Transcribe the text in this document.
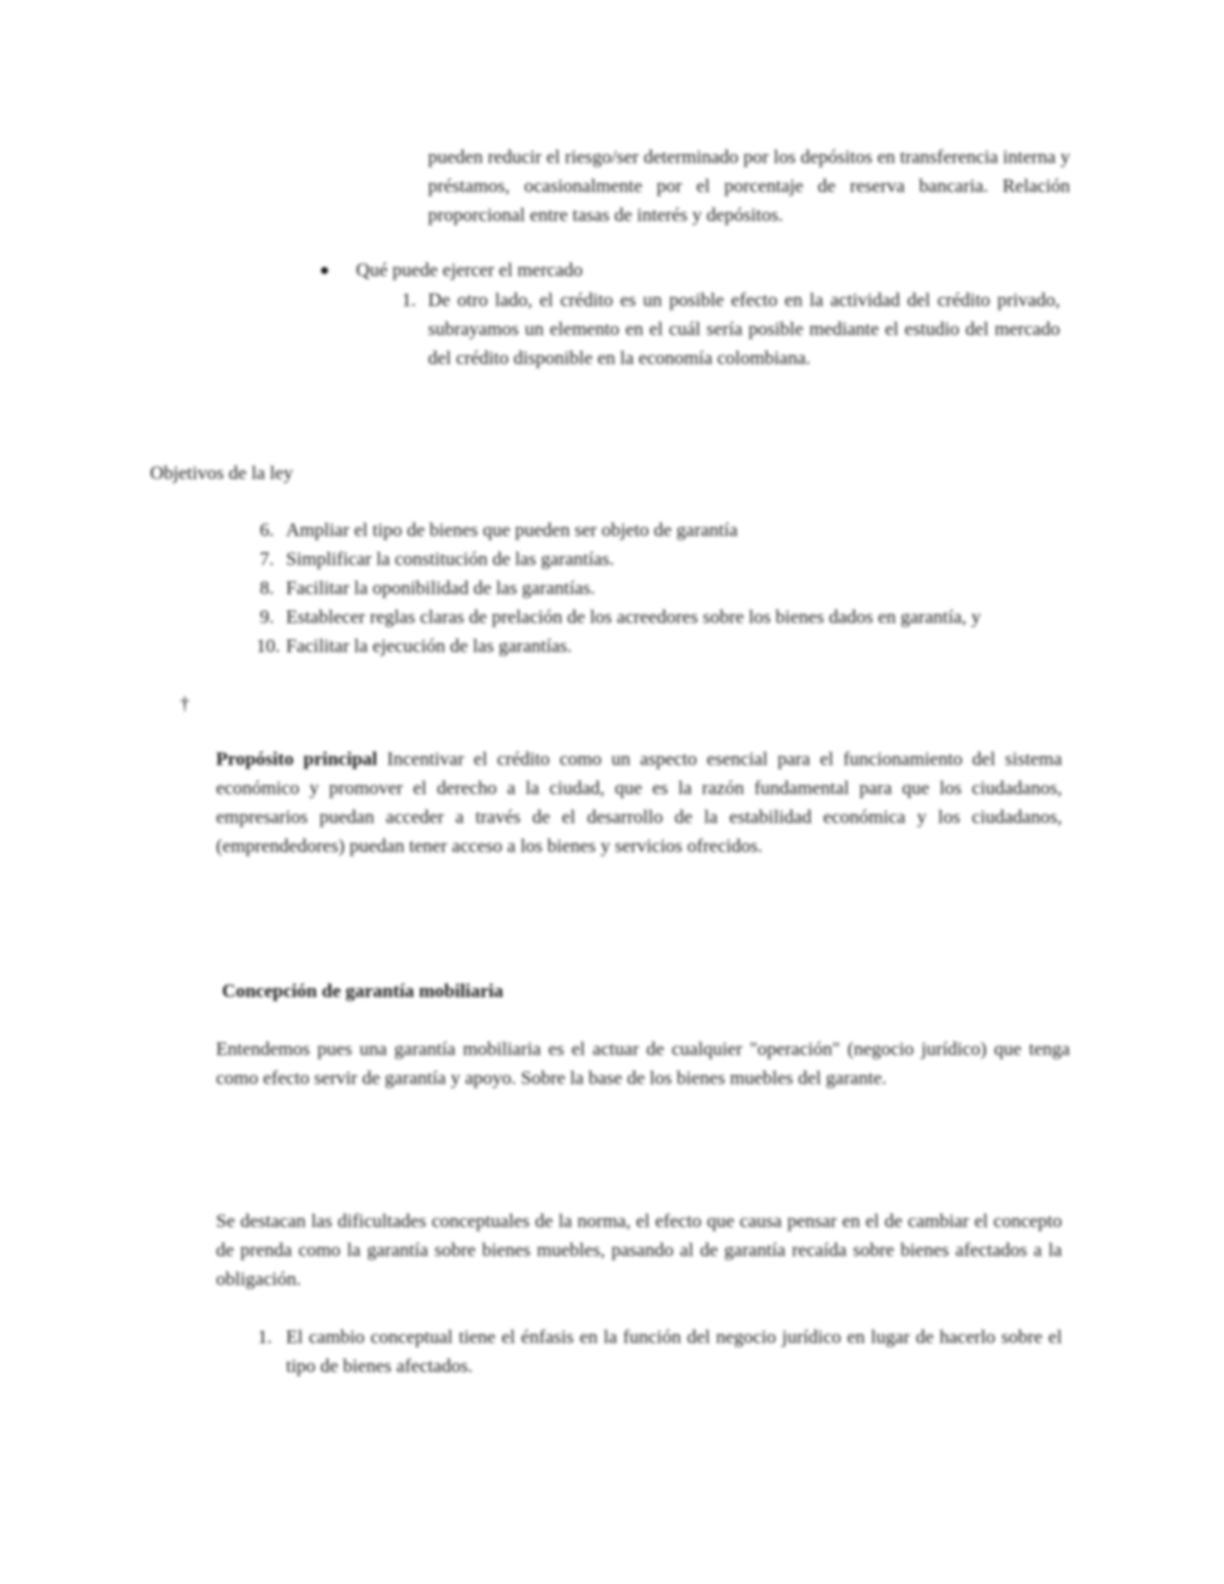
pueden reducir el riesgo/ser determinado por los depósitos en transferencia interna y préstamos, ocasionalmente por el porcentaje de reserva bancaria. Relación proporcional entre tasas de interés y depósitos.

Qué puede ejercer el mercado
1. De otro lado, el crédito es un posible efecto en la actividad del crédito privado, subrayamos un elemento en el cuál sería posible mediante el estudio del mercado del crédito disponible en la economía colombiana.

Objetivos de la ley
6. Ampliar el tipo de bienes que pueden ser objeto de garantía
7. Simplificar la constitución de las garantías.
8. Facilitar la oponibilidad de las garantías.
9. Establecer reglas claras de prelación de los acreedores sobre los bienes dados en garantía, y
10. Facilitar la ejecución de las garantías.
†

Propósito principal Incentivar el crédito como un aspecto esencial para el funcionamiento del sistema económico y promover el derecho a la ciudad, que es la razón fundamental para que los ciudadanos, empresarios puedan acceder a través de el desarrollo de la estabilidad económica y los ciudadanos, (emprendedores) puedan tener acceso a los bienes y servicios ofrecidos.

Concepción de garantía mobiliaria

Entendemos pues una garantía mobiliaria es el actuar de cualquier "operación" (negocio jurídico) que tenga como efecto servir de garantía y apoyo. Sobre la base de los bienes muebles del garante.

Se destacan las dificultades conceptuales de la norma, el efecto que causa pensar en el de cambiar el concepto de prenda como la garantía sobre bienes muebles, pasando al de garantía recaída sobre bienes afectados a la obligación.

1. El cambio conceptual tiene el énfasis en la función del negocio jurídico en lugar de hacerlo sobre el tipo de bienes afectados.
